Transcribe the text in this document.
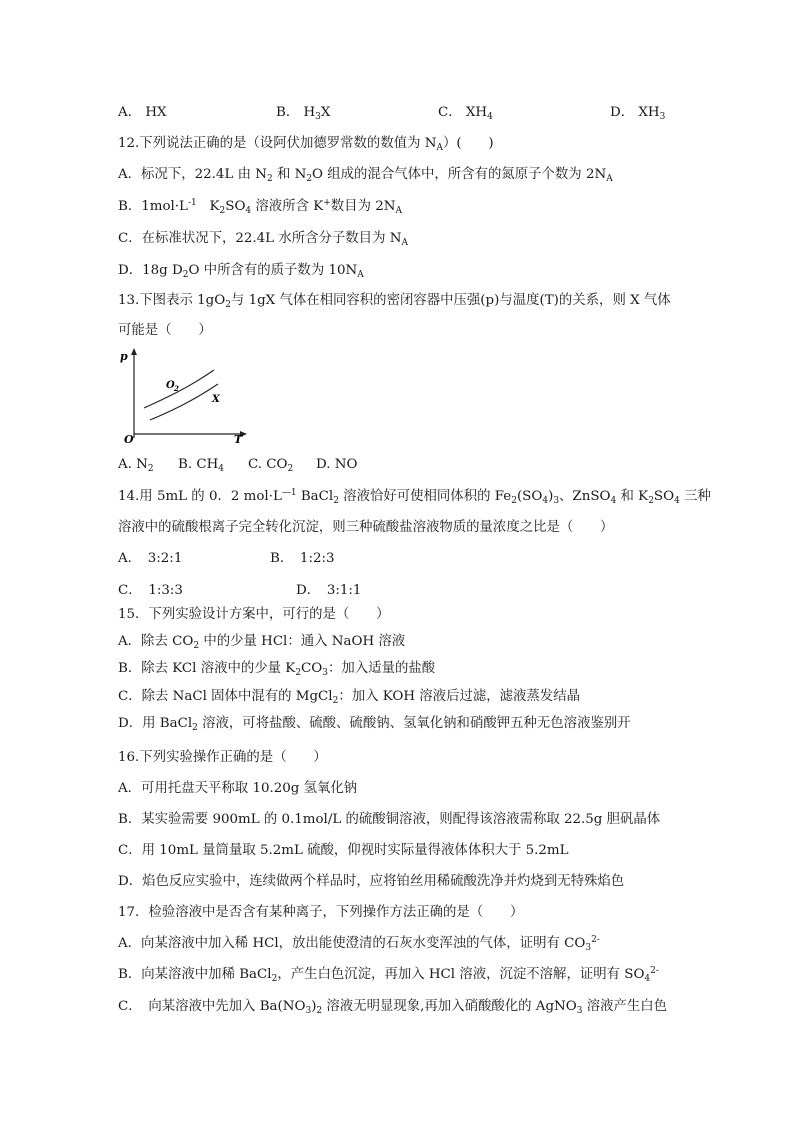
A． HX	B． $H_3X$	C． $XH_4$	D． $XH_3$
12.下列说法正确的是（设阿伏加德罗常数的数值为 $N_A$）(　　)
A．标况下，22.4L 由 $N_2$ 和 $N_2O$ 组成的混合气体中，所含有的氮原子个数为 $2N_A$
B．$1mol\cdot L^{-1}$ $K_2SO_4$ 溶液所含 K+数目为 $2N_A$
C．在标准状况下，22.4L 水所含分子数目为 $N_A$
D．18g $D_2O$ 中所含有的质子数为 $10N_A$
13.下图表示 $1gO_2$与 1gX 气体在相同容积的密闭容器中压强(p)与温度(T)的关系，则 X 气体
可能是（　　）
p
T
O
O 2
X
A. $N_2$ B. $CH_4$ C. $CO_2$ D. NO
14.用 5mL 的 0．2 $mol\cdot L^{—1}$ BaCl$_2$ 溶液恰好可使相同体积的 $Fe_2(SO_4)_3$、ZnSO$_4$ 和 $K_2SO_4$ 三种
溶液中的硫酸根离子完全转化沉淀，则三种硫酸盐溶液物质的量浓度之比是（　　）
A．　3:2:1	B．　1:2:3
C．　1:3:3	D．　3:1:1
15．下列实验设计方案中，可行的是（　　）
A．除去 $CO_2$ 中的少量 HCl：通入 NaOH 溶液
B．除去 KCl 溶液中的少量 $K_2CO_3$：加入适量的盐酸
C．除去 NaCl 固体中混有的 MgCl$_2$：加入 KOH 溶液后过滤，滤液蒸发结晶
D．用 BaCl$_2$ 溶液，可将盐酸、硫酸、硫酸钠、氢氧化钠和硝酸钾五种无色溶液鉴别开
16.下列实验操作正确的是（　　）
A．可用托盘天平称取 10.20g 氢氧化钠
B．某实验需要 900mL 的 0.1mol/L 的硫酸铜溶液，则配得该溶液需称取 22.5g 胆矾晶体
C．用 10mL 量筒量取 5.2mL 硫酸，仰视时实际量得液体体积大于 5.2mL
D．焰色反应实验中，连续做两个样品时，应将铂丝用稀硫酸洗净并灼烧到无特殊焰色
17．检验溶液中是否含有某种离子，下列操作方法正确的是（　　）
A．向某溶液中加入稀 HCl，放出能使澄清的石灰水变浑浊的气体，证明有 $CO_3^{2-}$
B．向某溶液中加稀 BaCl$_2$，产生白色沉淀，再加入 HCl 溶液，沉淀不溶解，证明有 $SO_4^{2-}$
C．　向某溶液中先加入 $Ba(NO_3)_2$ 溶液无明显现象,再加入硝酸酸化的 AgNO$_3$ 溶液产生白色
